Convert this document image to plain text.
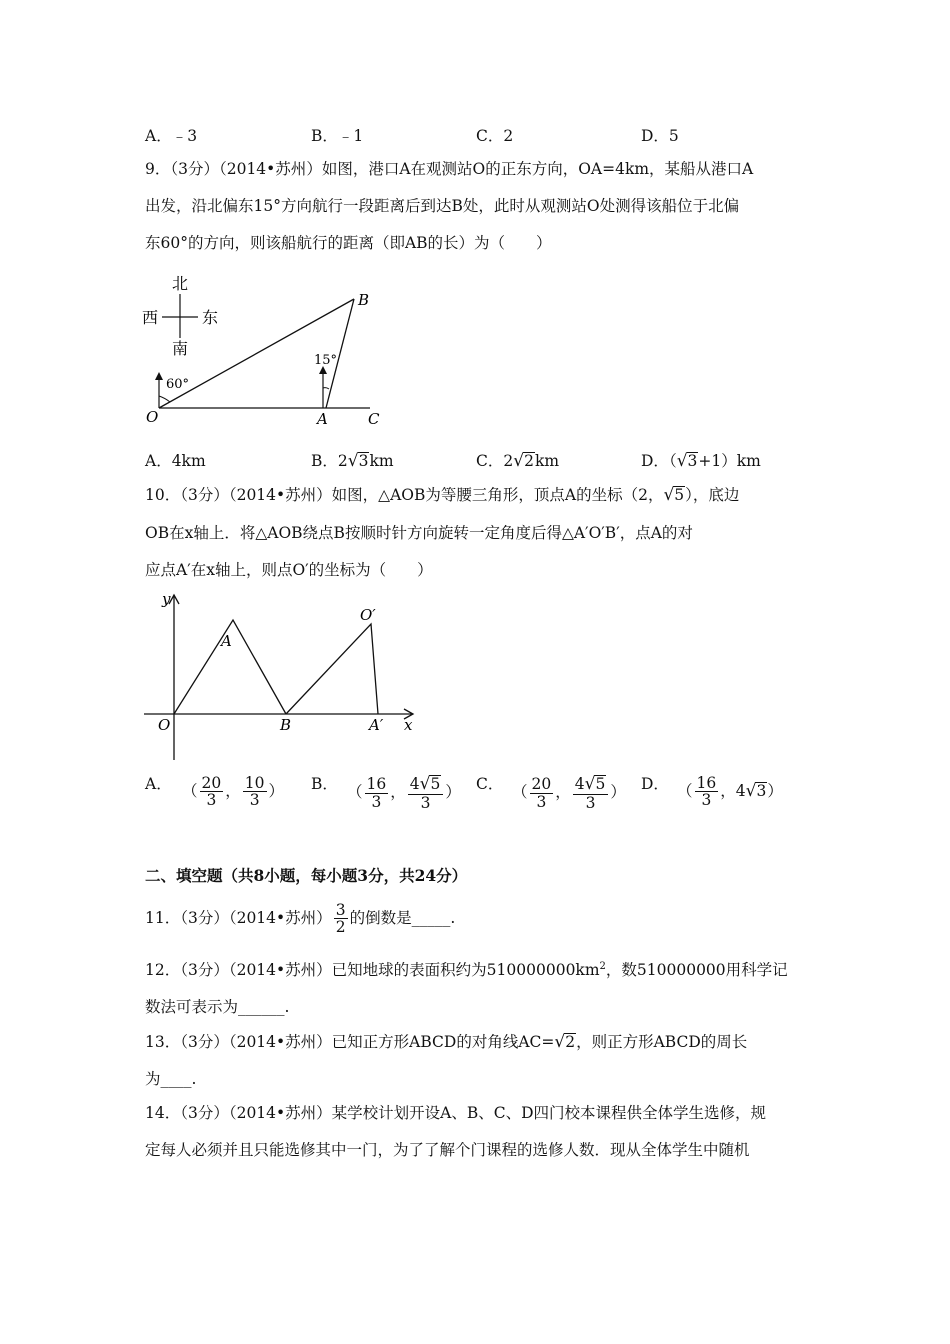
A．﹣3	B．﹣1	C．2	D．5
9．（3分）（2014•苏州）如图，港口A在观测站O的正东方向，OA=4km，某船从港口A
出发，沿北偏东15°方向航行一段距离后到达B处，此时从观测站O处测得该船位于北偏
东60°的方向，则该船航行的距离（即AB的长）为（　　）
北
南
西	东
60°
15°
O	A
B
C
A．4km	B．2√3km	C．2√2km	D．（√3+1）km
10．（3分）（2014•苏州）如图，△AOB为等腰三角形，顶点A的坐标（2，√5），底边
OB在x轴上．将△AOB绕点B按顺时针方向旋转一定角度后得△A′O′B′，点A的对
应点A′在x轴上，则点O′的坐标为（　　）
y
x
O
A
B
O′
A′
A． （ $\frac{20}{3}$ ， $\frac{10}{3}$ ） B． （ $\frac{16}{3}$ ， $\frac{4√5}{3}$ ） C． （ $\frac{20}{3}$ ， $\frac{4√5}{3}$ ） D． （ $\frac{16}{3}$ ，4√3）
二、填空题（共8小题，每小题3分，共24分）
11．（3分）（2014•苏州） $\frac{3}{2}$ 的倒数是_____.
12．（3分）（2014•苏州）已知地球的表面积约为$510000000km^2$，数510000000用科学记
数法可表示为______.
13．（3分）（2014•苏州）已知正方形ABCD的对角线AC=√2，则正方形ABCD的周长
为____.
14．（3分）（2014•苏州）某学校计划开设A、B、C、D四门校本课程供全体学生选修，规
定每人必须并且只能选修其中一门，为了了解个门课程的选修人数．现从全体学生中随机
